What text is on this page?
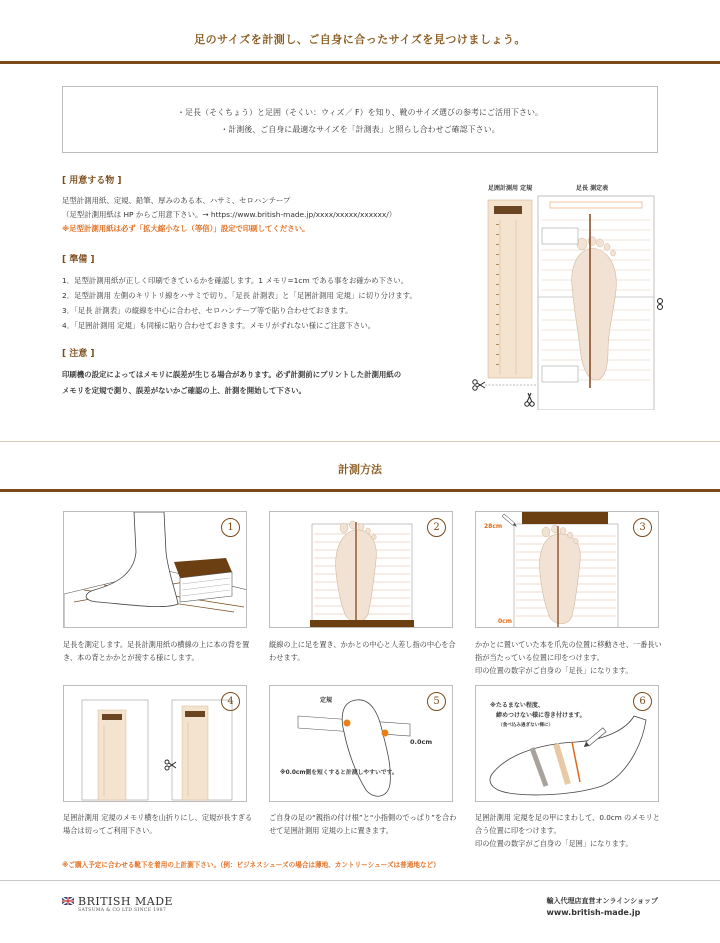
足のサイズを計測し、ご自身に合ったサイズを見つけましょう。
・足長（そくちょう）と足囲（そくい：ウィズ／ F）を知り、靴のサイズ選びの参考にご活用下さい。
・計測後、ご自身に最適なサイズを「計測表」と照らし合わせご確認下さい。
[ 用意する物 ]
足型計測用紙、定規、鉛筆、厚みのある本、ハサミ、セロハンテープ
（足型計測用紙は HP からご用意下さい。→ https://www.british-made.jp/xxxx/xxxxx/xxxxxx/）
※足型計測用紙は必ず「拡大縮小なし（等倍）」設定で印刷してください。
[ 準備 ]
1．足型計測用紙が正しく印刷できているかを確認します。1 メモリ=1cm である事をお確かめ下さい。
2．足型計測用 左側のキリトリ線をハサミで切り、「足長 計測表」と「足囲計測用 定規」に切り分けます。
3．「足長 計測表」の縦線を中心に合わせ、セロハンテープ等で貼り合わせておきます。
4．「足囲計測用 定規」も同様に貼り合わせておきます。メモリがずれない様にご注意下さい。
[ 注意 ]
印刷機の設定によってはメモリに誤差が生じる場合があります。必ず計測前にプリントした計測用紙の
メモリを定規で測り、誤差がないかご確認の上、計測を開始して下さい。
足囲計測用 定規	足長 測定表
計測方法
1
足長を測定します。足長計測用紙の横線の上に本の背を置き、本の背とかかとが接する様にします。
2
縦線の上に足を置き、かかとの中心と人差し指の中心を合わせます。
3
28cm
0cm
かかとに置いていた本を爪先の位置に移動させ、一番長い指が当たっている位置に印をつけます。
印の位置の数字がご自身の「足長」になります。
4
足囲計測用 定規のメモリ横を山折りにし、定規が長すぎる場合は切ってご利用下さい。
5
定規
0.0cm
※0.0cm側を短くすると計測しやすいです。
ご自身の足の“親指の付け根”と“小指側のでっぱり”を合わせて足囲計測用 定規の上に置きます。
6
※たるまない程度、
締めつけない様に巻き付けます。
（食べ込み過ぎない様に）
足囲計測用 定規を足の甲にまわして、0.0cm のメモリと合う位置に印をつけます。
印の位置の数字がご自身の「足囲」になります。
※ご購入予定に合わせる靴下を着用の上計測下さい。（例：ビジネスシューズの場合は薄地、カントリーシューズは普通地など）
BRITISH MADE
SATSUMA & CO LTD SINCE 1987
輸入代理店直営オンラインショップ
www.british-made.jp
